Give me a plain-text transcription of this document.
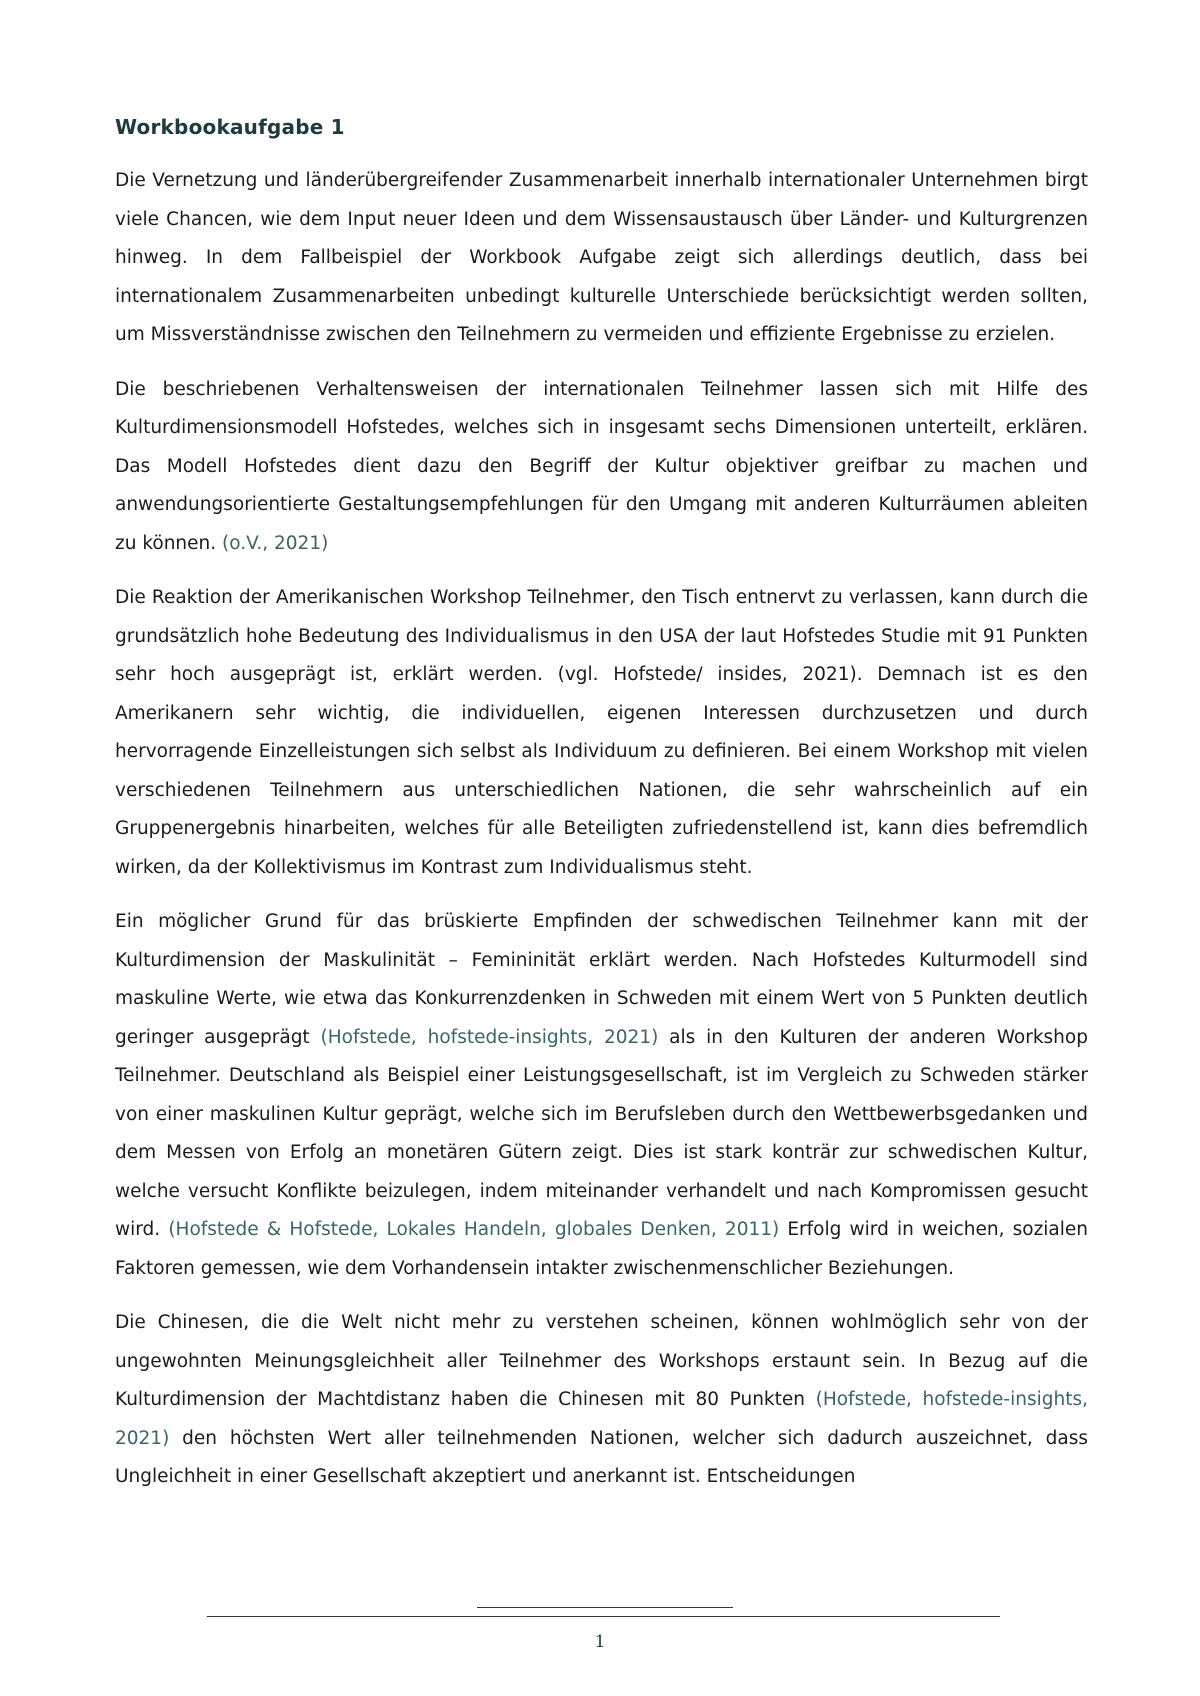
Workbookaufgabe 1

Die Vernetzung und länderübergreifender Zusammenarbeit innerhalb internationaler Unternehmen birgt viele Chancen, wie dem Input neuer Ideen und dem Wissensaustausch über Länder- und Kulturgrenzen hinweg. In dem Fallbeispiel der Workbook Aufgabe zeigt sich allerdings deutlich, dass bei internationalem Zusammenarbeiten unbedingt kulturelle Unterschiede berücksichtigt werden sollten, um Missverständnisse zwischen den Teilnehmern zu vermeiden und effiziente Ergebnisse zu erzielen.

Die beschriebenen Verhaltensweisen der internationalen Teilnehmer lassen sich mit Hilfe des Kulturdimensionsmodell Hofstedes, welches sich in insgesamt sechs Dimensionen unterteilt, erklären. Das Modell Hofstedes dient dazu den Begriff der Kultur objektiver greifbar zu machen und anwendungsorientierte Gestaltungsempfehlungen für den Umgang mit anderen Kulturräumen ableiten zu können. (o.V., 2021)

Die Reaktion der Amerikanischen Workshop Teilnehmer, den Tisch entnervt zu verlassen, kann durch die grundsätzlich hohe Bedeutung des Individualismus in den USA der laut Hofstedes Studie mit 91 Punkten sehr hoch ausgeprägt ist, erklärt werden. (vgl. Hofstede/ insides, 2021). Demnach ist es den Amerikanern sehr wichtig, die individuellen, eigenen Interessen durchzusetzen und durch hervorragende Einzelleistungen sich selbst als Individuum zu definieren. Bei einem Workshop mit vielen verschiedenen Teilnehmern aus unterschiedlichen Nationen, die sehr wahrscheinlich auf ein Gruppenergebnis hinarbeiten, welches für alle Beteiligten zufriedenstellend ist, kann dies befremdlich wirken, da der Kollektivismus im Kontrast zum Individualismus steht.

Ein möglicher Grund für das brüskierte Empfinden der schwedischen Teilnehmer kann mit der Kulturdimension der Maskulinität – Femininität erklärt werden. Nach Hofstedes Kulturmodell sind maskuline Werte, wie etwa das Konkurrenzdenken in Schweden mit einem Wert von 5 Punkten deutlich geringer ausgeprägt (Hofstede, hofstede-insights, 2021) als in den Kulturen der anderen Workshop Teilnehmer. Deutschland als Beispiel einer Leistungsgesellschaft, ist im Vergleich zu Schweden stärker von einer maskulinen Kultur geprägt, welche sich im Berufsleben durch den Wettbewerbsgedanken und dem Messen von Erfolg an monetären Gütern zeigt. Dies ist stark konträr zur schwedischen Kultur, welche versucht Konflikte beizulegen, indem miteinander verhandelt und nach Kompromissen gesucht wird. (Hofstede & Hofstede, Lokales Handeln, globales Denken, 2011) Erfolg wird in weichen, sozialen Faktoren gemessen, wie dem Vorhandensein intakter zwischenmenschlicher Beziehungen.

Die Chinesen, die die Welt nicht mehr zu verstehen scheinen, können wohlmöglich sehr von der ungewohnten Meinungsgleichheit aller Teilnehmer des Workshops erstaunt sein. In Bezug auf die Kulturdimension der Machtdistanz haben die Chinesen mit 80 Punkten (Hofstede, hofstede-insights, 2021) den höchsten Wert aller teilnehmenden Nationen, welcher sich dadurch auszeichnet, dass Ungleichheit in einer Gesellschaft akzeptiert und anerkannt ist. Entscheidungen

1
